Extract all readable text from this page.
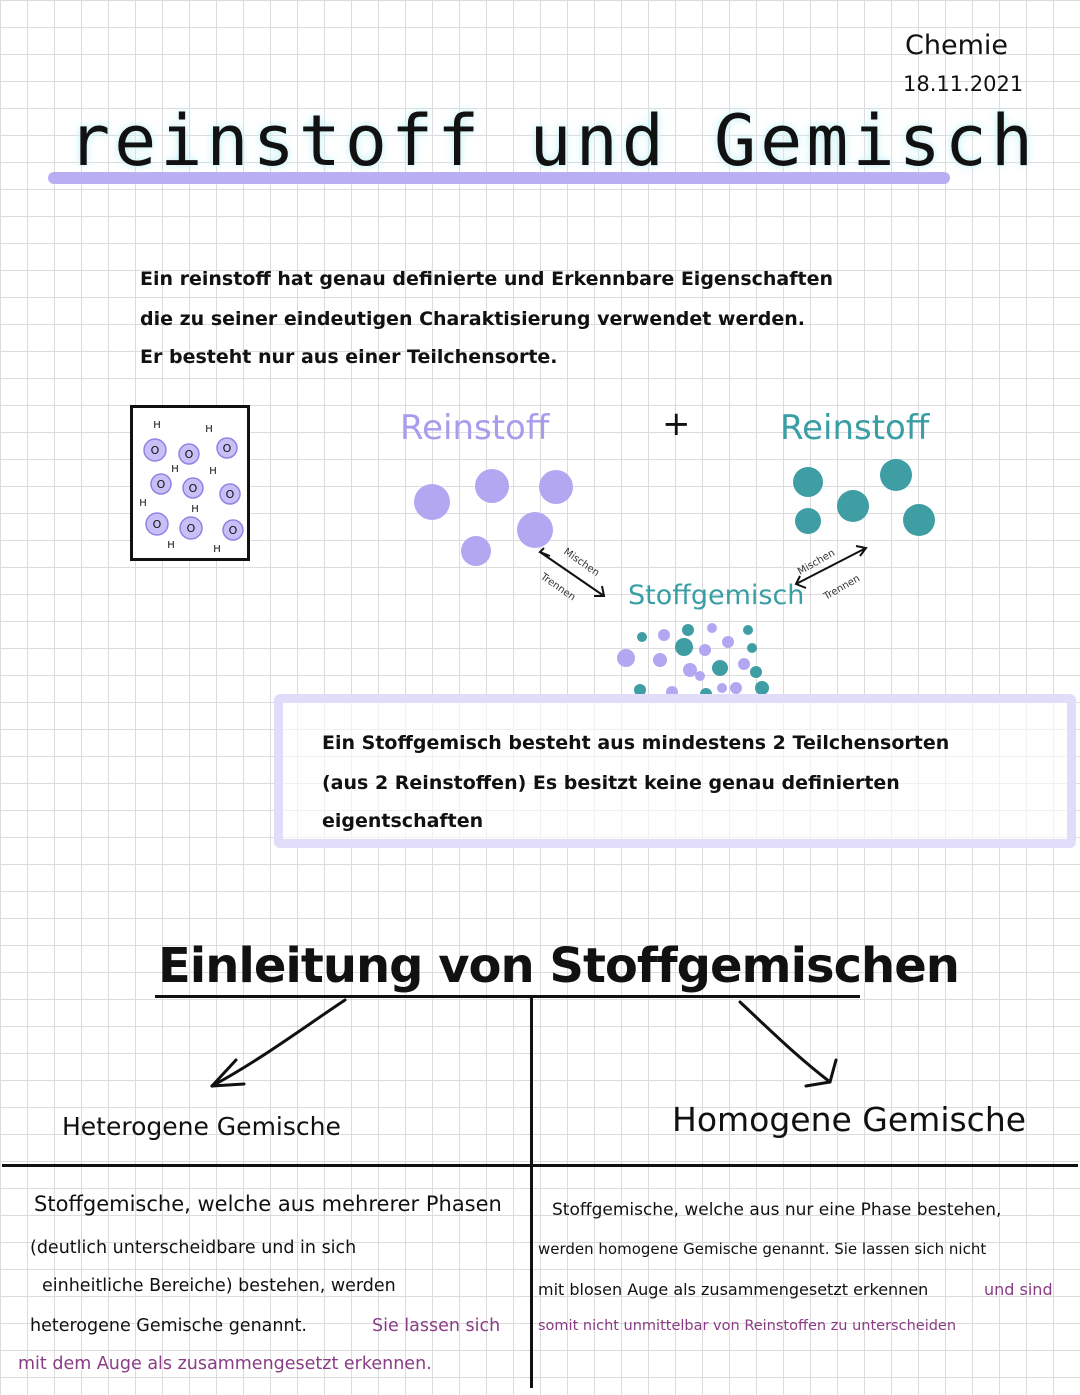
Chemie
18.11.2021
reinstoff und Gemisch
Ein reinstoff hat genau definierte und Erkennbare Eigenschaften
die zu seiner eindeutigen Charaktisierung verwendet werden.
Er besteht nur aus einer Teilchensorte.
O O	O
O O	O
O O	O
H	H
H	H
H
H
H	H
Reinstoff	+	Reinstoff
Stoffgemisch
Mischen
Trennen
Mischen
Trennen
Ein Stoffgemisch besteht aus mindestens 2 Teilchensorten
(aus 2 Reinstoffen) Es besitzt keine genau definierten
eigentschaften
Einleitung von Stoffgemischen
Heterogene Gemische	Homogene Gemische
Stoffgemische, welche aus mehrerer Phasen
(deutlich unterscheidbare und in sich
einheitliche Bereiche) bestehen, werden
heterogene Gemische genannt.	Sie lassen sich
mit dem Auge als zusammengesetzt erkennen.
Stoffgemische, welche aus nur eine Phase bestehen,
werden homogene Gemische genannt. Sie lassen sich nicht
mit blosen Auge als zusammengesetzt erkennen	und sind
somit nicht unmittelbar von Reinstoffen zu unterscheiden
